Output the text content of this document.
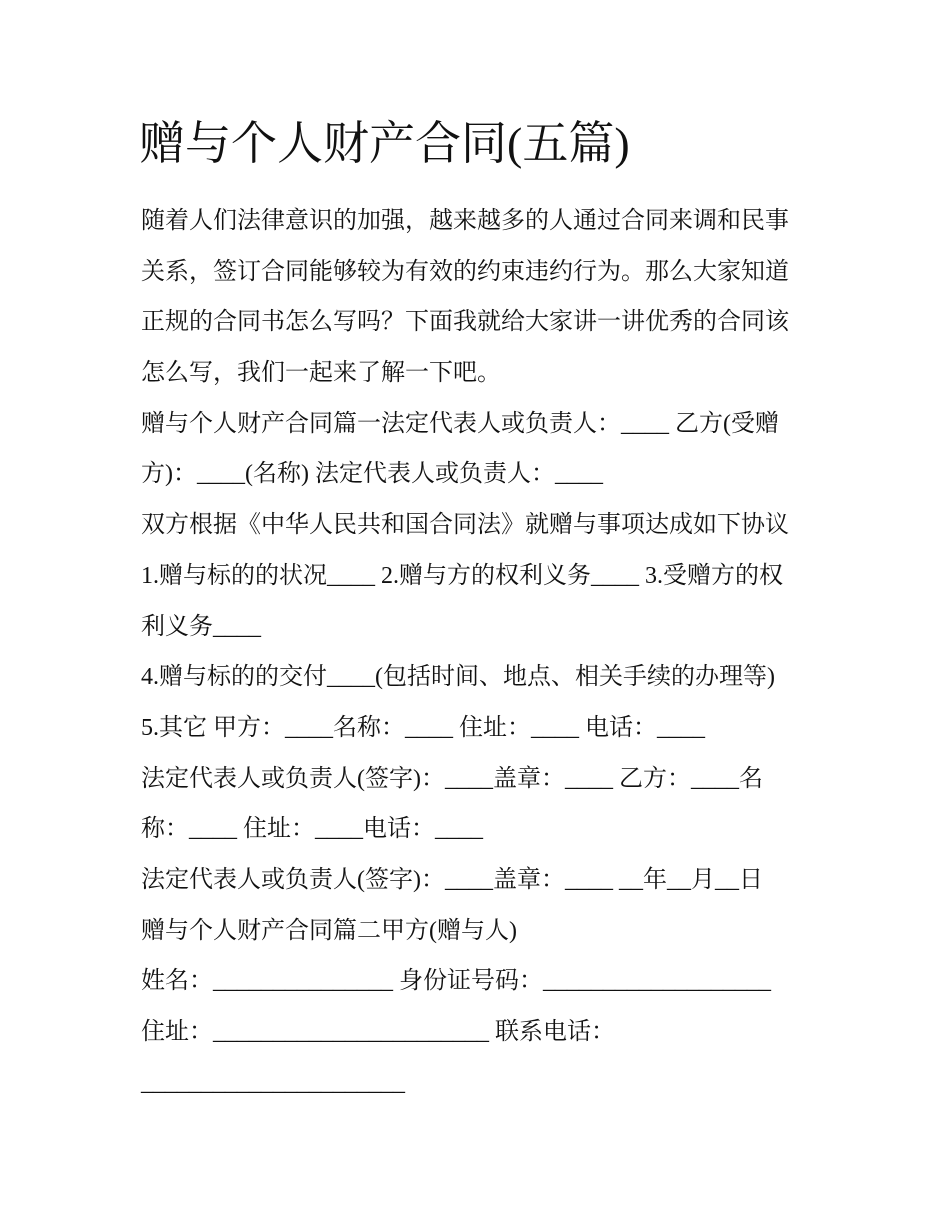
赠与个人财产合同(五篇)
随着人们法律意识的加强，越来越多的人通过合同来调和民事
关系，签订合同能够较为有效的约束违约行为。那么大家知道
正规的合同书怎么写吗？下面我就给大家讲一讲优秀的合同该
怎么写，我们一起来了解一下吧。
赠与个人财产合同篇一法定代表人或负责人：____ 乙方(受赠
方)：____(名称) 法定代表人或负责人：____
双方根据《中华人民共和国合同法》就赠与事项达成如下协议
1.赠与标的的状况____ 2.赠与方的权利义务____ 3.受赠方的权
利义务____
4.赠与标的的交付____(包括时间、地点、相关手续的办理等)
5.其它 甲方：____名称：____ 住址：____ 电话：____
法定代表人或负责人(签字)：____盖章：____ 乙方：____名
称：____ 住址：____电话：____
法定代表人或负责人(签字)：____盖章：____ __年__月__日
赠与个人财产合同篇二甲方(赠与人)
姓名：_______________ 身份证号码：___________________
住址：_______________________ 联系电话：
______________________
